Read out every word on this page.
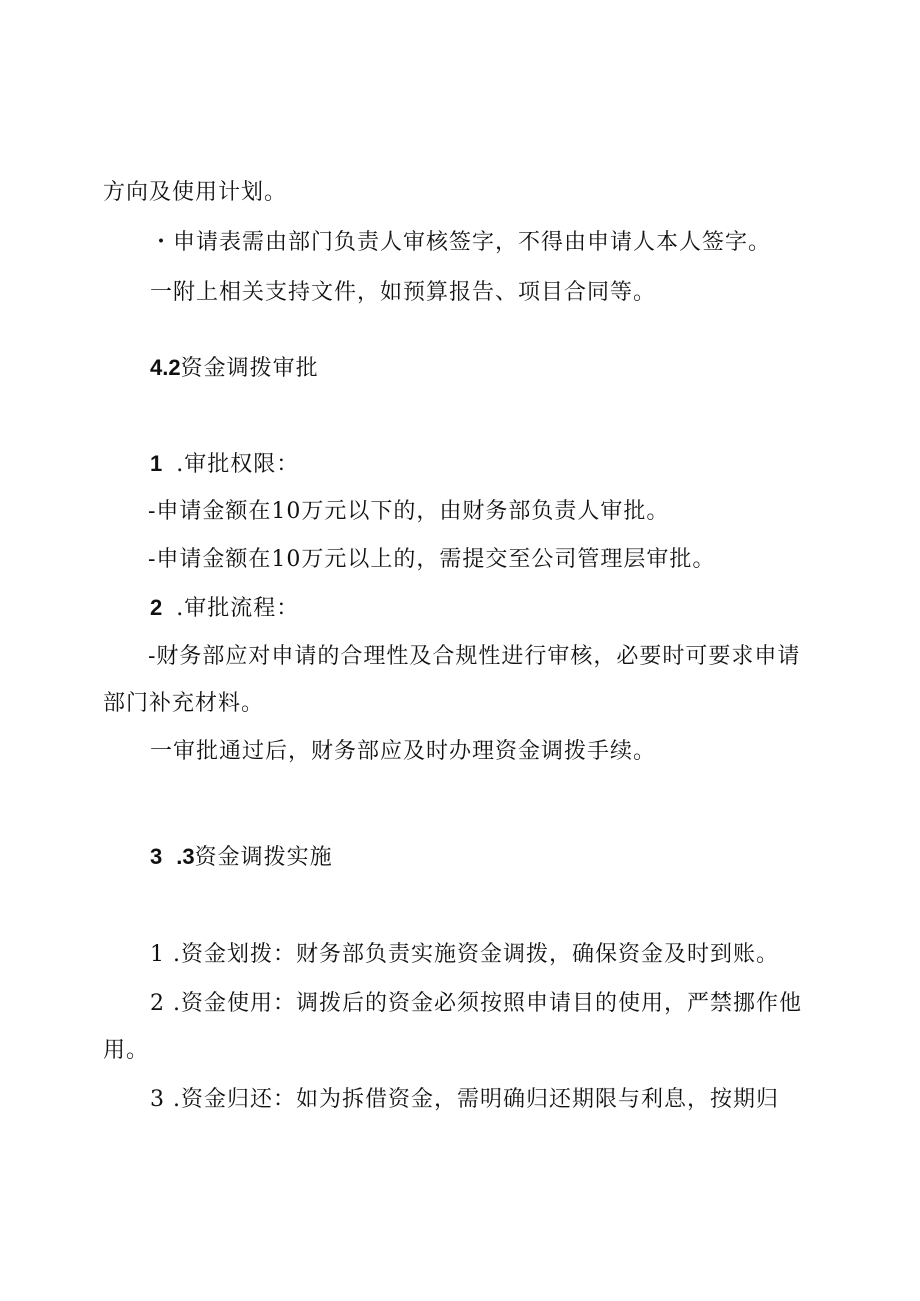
方向及使用计划。
・申请表需由部门负责人审核签字，不得由申请人本人签字。
一附上相关支持文件，如预算报告、项目合同等。
4.2资金调拨审批
1 .审批权限：
-申请金额在10万元以下的，由财务部负责人审批。
-申请金额在10万元以上的，需提交至公司管理层审批。
2 .审批流程：
-财务部应对申请的合理性及合规性进行审核，必要时可要求申请
部门补充材料。
一审批通过后，财务部应及时办理资金调拨手续。
3 .3资金调拨实施
1 .资金划拨：财务部负责实施资金调拨，确保资金及时到账。
2 .资金使用：调拨后的资金必须按照申请目的使用，严禁挪作他
用。
3 .资金归还：如为拆借资金，需明确归还期限与利息，按期归
